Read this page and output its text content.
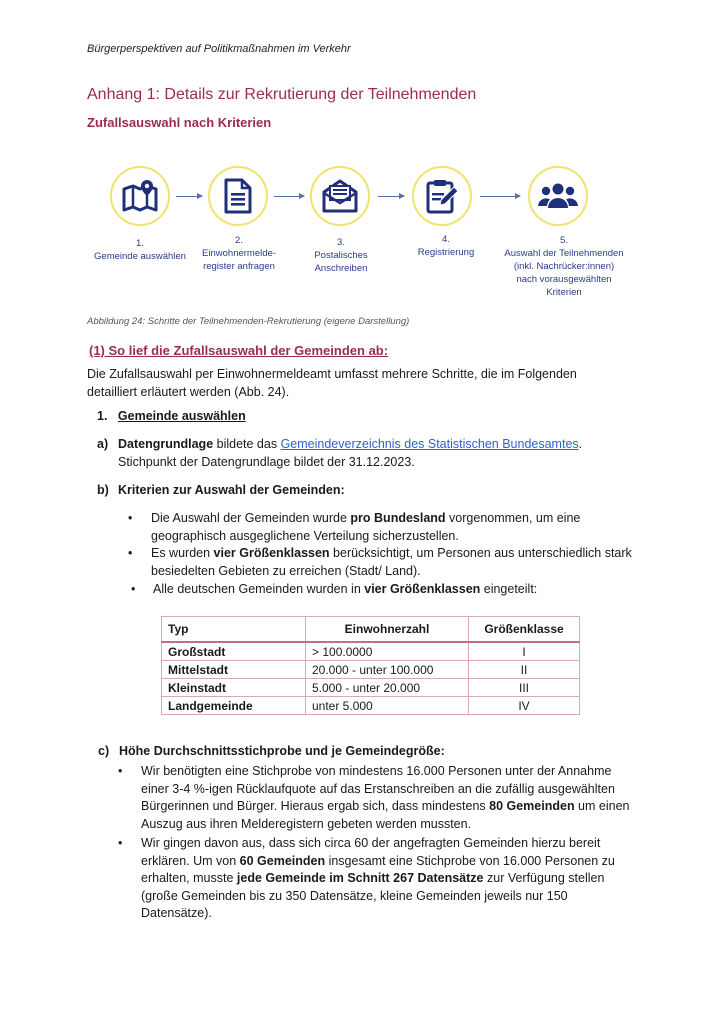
Bürgerperspektiven auf Politikmaßnahmen im Verkehr
Anhang 1: Details zur Rekrutierung der Teilnehmenden
Zufallsauswahl nach Kriterien
1.
Gemeinde auswählen
2.
Einwohnermelde-
register anfragen
3.
Postalisches
Anschreiben
4.
Registrierung
5.
Auswahl der Teilnehmenden
(inkl. Nachrücker:innen)
nach vorausgewählten
Kriterien
Abbildung 24: Schritte der Teilnehmenden-Rekrutierung (eigene Darstellung)
(1) So lief die Zufallsauswahl der Gemeinden ab:
Die Zufallsauswahl per Einwohnermeldeamt umfasst mehrere Schritte, die im Folgenden
detailliert erläutert werden (Abb. 24).
1. Gemeinde auswählen
a) Datengrundlage bildete das Gemeindeverzeichnis des Statistischen Bundesamtes.
Stichpunkt der Datengrundlage bildet der 31.12.2023.
b) Kriterien zur Auswahl der Gemeinden:
• Die Auswahl der Gemeinden wurde pro Bundesland vorgenommen, um eine
geographisch ausgeglichene Verteilung sicherzustellen.
• Es wurden vier Größenklassen berücksichtigt, um Personen aus unterschiedlich stark
besiedelten Gebieten zu erreichen (Stadt/ Land).
• Alle deutschen Gemeinden wurden in vier Größenklassen eingeteilt:
Typ	Einwohnerzahl	Größenklasse
Großstadt	> 100.0000	I
Mittelstadt	20.000 - unter 100.000	II
Kleinstadt	5.000 - unter 20.000	III
Landgemeinde	unter 5.000	IV
c) Höhe Durchschnittsstichprobe und je Gemeindegröße:
• Wir benötigten eine Stichprobe von mindestens 16.000 Personen unter der Annahme
einer 3-4 %-igen Rücklaufquote auf das Erstanschreiben an die zufällig ausgewählten
Bürgerinnen und Bürger. Hieraus ergab sich, dass mindestens 80 Gemeinden um einen
Auszug aus ihren Melderegistern gebeten werden mussten.
• Wir gingen davon aus, dass sich circa 60 der angefragten Gemeinden hierzu bereit
erklären. Um von 60 Gemeinden insgesamt eine Stichprobe von 16.000 Personen zu
erhalten, musste jede Gemeinde im Schnitt 267 Datensätze zur Verfügung stellen
(große Gemeinden bis zu 350 Datensätze, kleine Gemeinden jeweils nur 150
Datensätze).
